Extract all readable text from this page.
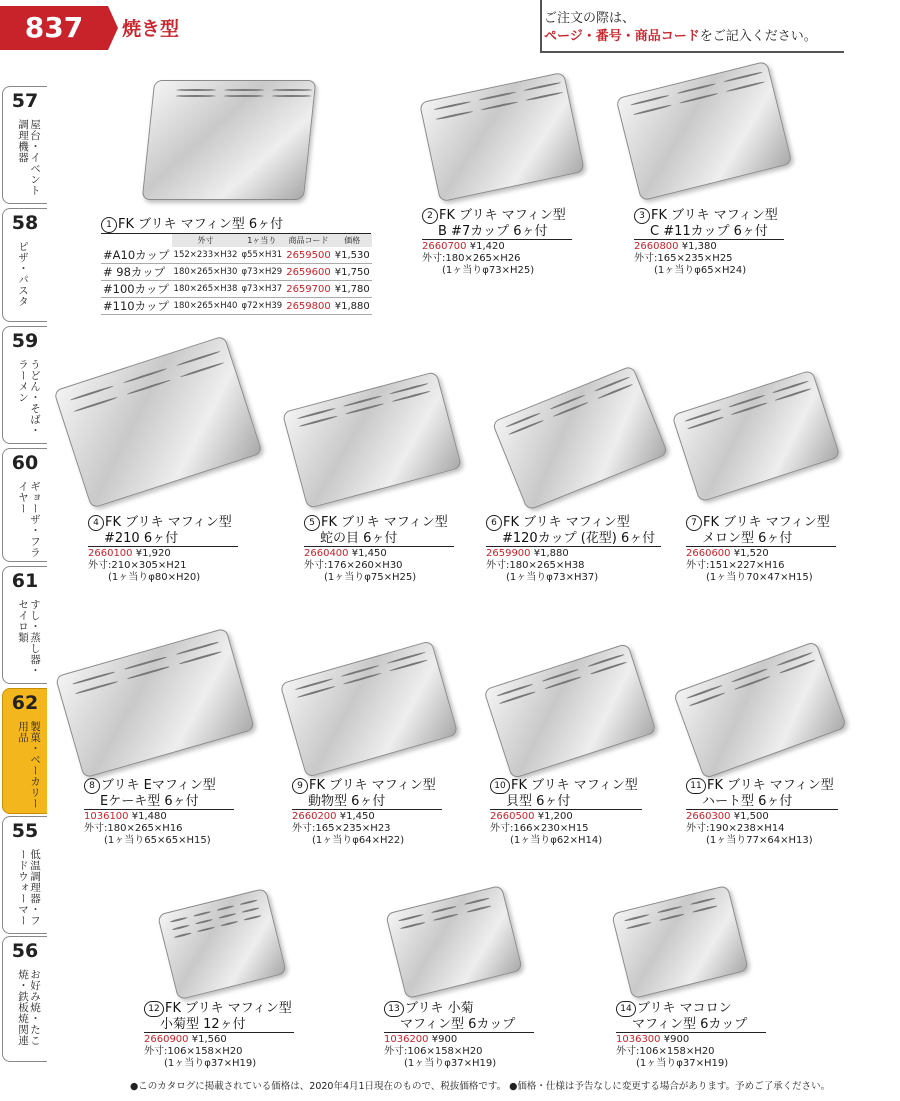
837	焼き型	ご注文の際は、
ページ・番号・商品コードをご記入ください。
57
屋台・イベント調理機器
58
ピザ・パスタ
59
うどん・そば・ラーメン
60
ギョーザ・フライヤー
61
すし・蒸し器・セイロ類
62
製菓・ベーカリー用品
55
低温調理器・フードウォーマー
56
お好み焼・たこ焼・鉄板焼関連
1 FK ブリキ マフィン型 6ヶ付
	外寸	1ヶ当り	商品コード	価格
#A10カップ	152×233×H32	φ55×H31	2659500	¥1,530
# 98カップ	180×265×H30	φ73×H29	2659600	¥1,750
#100カップ	180×265×H38	φ73×H37	2659700	¥1,780
#110カップ	180×265×H40	φ72×H39	2659800	¥1,880
2 FK ブリキ マフィン型
B #7カップ 6ヶ付
2660700 ¥1,420
外寸:180×265×H26
(1ヶ当りφ73×H25)
3 FK ブリキ マフィン型
C #11カップ 6ヶ付
2660800 ¥1,380
外寸:165×235×H25
(1ヶ当りφ65×H24)
4 FK ブリキ マフィン型
#210 6ヶ付
2660100 ¥1,920
外寸:210×305×H21
(1ヶ当りφ80×H20)
5 FK ブリキ マフィン型
蛇の目 6ヶ付
2660400 ¥1,450
外寸:176×260×H30
(1ヶ当りφ75×H25)
6 FK ブリキ マフィン型
#120カップ (花型) 6ヶ付
2659900 ¥1,880
外寸:180×265×H38
(1ヶ当りφ73×H37)
7 FK ブリキ マフィン型
メロン型 6ヶ付
2660600 ¥1,520
外寸:151×227×H16
(1ヶ当り70×47×H15)
8 ブリキ Eマフィン型
Eケーキ型 6ヶ付
1036100 ¥1,480
外寸:180×265×H16
(1ヶ当り65×65×H15)
9 FK ブリキ マフィン型
動物型 6ヶ付
2660200 ¥1,450
外寸:165×235×H23
(1ヶ当りφ64×H22)
10 FK ブリキ マフィン型
貝型 6ヶ付
2660500 ¥1,200
外寸:166×230×H15
(1ヶ当りφ62×H14)
11 FK ブリキ マフィン型
ハート型 6ヶ付
2660300 ¥1,500
外寸:190×238×H14
(1ヶ当り77×64×H13)
12 FK ブリキ マフィン型
小菊型 12ヶ付
2660900 ¥1,560
外寸:106×158×H20
(1ヶ当りφ37×H19)
13 ブリキ 小菊
マフィン型 6カップ
1036200 ¥900
外寸:106×158×H20
(1ヶ当りφ37×H19)
14 ブリキ マコロン
マフィン型 6カップ
1036300 ¥900
外寸:106×158×H20
(1ヶ当りφ37×H19)
●このカタログに掲載されている価格は、2020年4月1日現在のもので、税抜価格です。 ●価格・仕様は予告なしに変更する場合があります。予めご了承ください。
